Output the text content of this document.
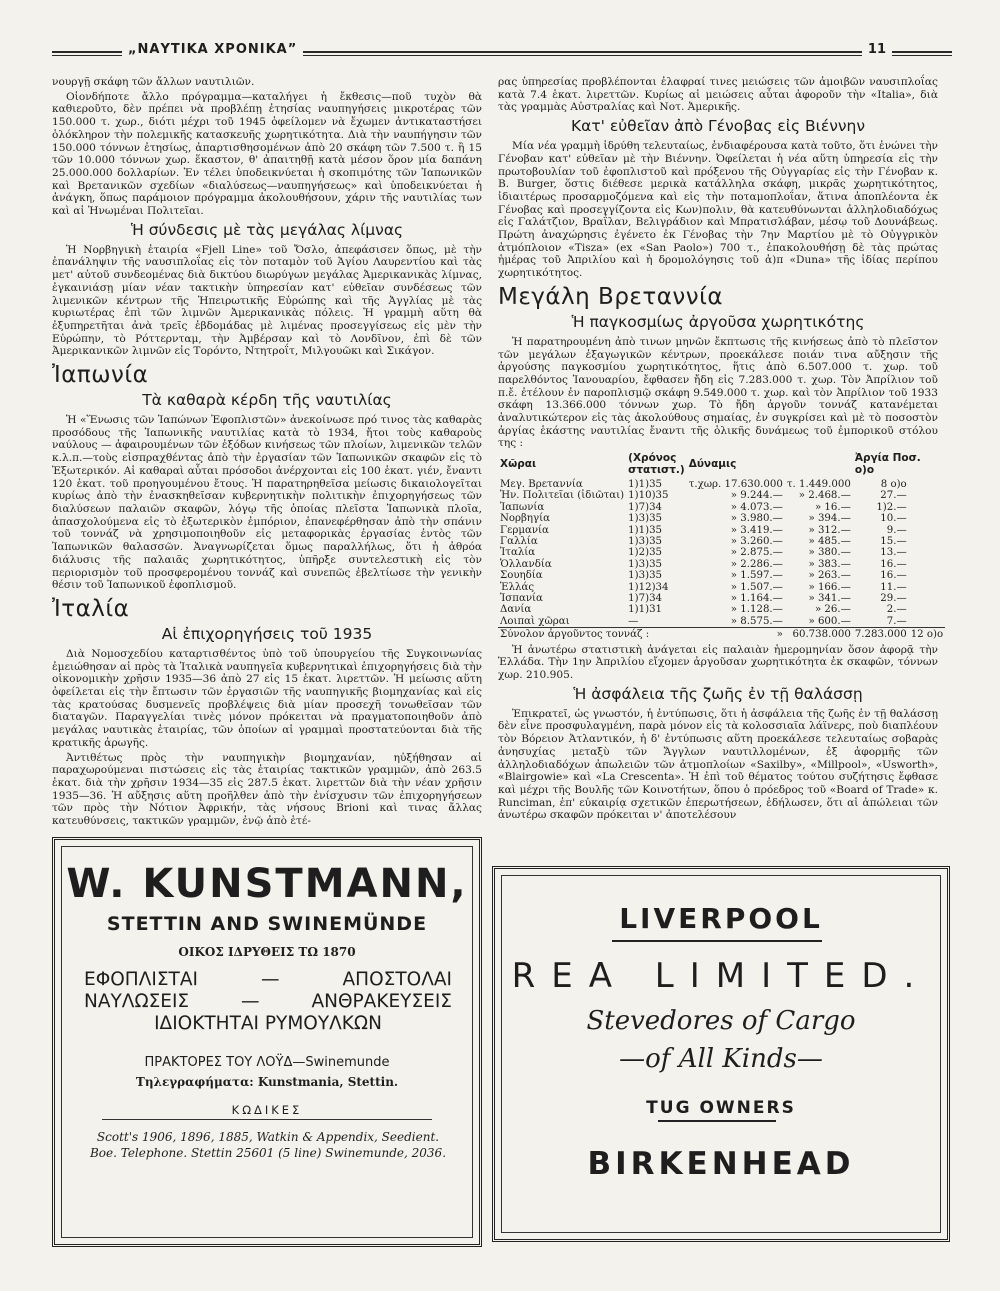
„ΝΑΥΤΙΚΑ ΧΡΟΝΙΚΑ”	11

νουργῇ σκάφη τῶν ἄλλων ναυτιλιῶν.

Οἱονδήποτε ἄλλο πρόγραμμα—καταλήγει ἡ ἔκθεσις—ποῦ τυχὸν θὰ καθιεροῦτο, δὲν πρέπει νὰ προβλέπῃ ἐτησίας ναυπηγήσεις μικροτέρας τῶν 150.000 τ. χωρ., διότι μέχρι τοῦ 1945 ὀφείλομεν νὰ ἔχωμεν ἀντικαταστήσει ὁλόκληρον τὴν πολεμικῆς κατασκευῆς χωρητικότητα. Διὰ τὴν ναυπήγησιν τῶν 150.000 τόννων ἐτησίως, ἀπαρτισθησομένων ἀπὸ 20 σκάφη τῶν 7.500 τ. ἢ 15 τῶν 10.000 τόννων χωρ. ἕκαστον, θ' ἀπαιτηθῇ κατὰ μέσον ὅρον μία δαπάνη 25.000.000 δολλαρίων. Ἐν τέλει ὑποδεικνύεται ἡ σκοπιμότης τῶν Ἰαπωνικῶν καὶ Βρετανικῶν σχεδίων «διαλύσεως—ναυπηγήσεως» καὶ ὑποδεικνύεται ἡ ἀνάγκη, ὅπως παράμοιον πρόγραμμα ἀκολουθήσουν, χάριν τῆς ναυτιλίας των καὶ αἱ Ἡνωμέναι Πολιτεῖαι.

Ἡ σύνδεσις μὲ τὰς μεγάλας λίμνας

Ἡ Νορβηγικὴ ἑταιρία «Fjell Line» τοῦ Ὄσλο, ἀπεφάσισεν ὅπως, μὲ τὴν ἐπανάληψιν τῆς ναυσιπλοΐας εἰς τὸν ποταμὸν τοῦ Ἁγίου Λαυρεντίου καὶ τὰς μετ' αὐτοῦ συνδεομένας διὰ δικτύου διωρύγων μεγάλας Ἀμερικανικὰς λίμνας, ἐγκαινιάσῃ μίαν νέαν τακτικὴν ὑπηρεσίαν κατ' εὐθεῖαν συνδέσεως τῶν λιμενικῶν κέντρων τῆς Ἠπειρωτικῆς Εὐρώπης καὶ τῆς Ἀγγλίας μὲ τὰς κυριωτέρας ἐπὶ τῶν λιμνῶν Ἀμερικανικὰς πόλεις. Ἡ γραμμὴ αὕτη θὰ ἐξυπηρετῆται ἀνὰ τρεῖς ἑβδομάδας μὲ λιμένας προσεγγίσεως εἰς μὲν τὴν Εὐρώπην, τὸ Ρόττερνταμ, τὴν Ἀμβέρσαν καὶ τὸ Λονδῖνον, ἐπὶ δὲ τῶν Ἀμερικανικῶν λιμνῶν εἰς Τορόντο, Ντητροΐτ, Μιλγουῶκι καὶ Σικάγον.

Ἰαπωνία
Τὰ καθαρὰ κέρδη τῆς ναυτιλίας

Ἡ «Ἕνωσις τῶν Ἰαπώνων Ἐφοπλιστῶν» ἀνεκοίνωσε πρό τινος τὰς καθαρὰς προσόδους τῆς Ἰαπωνικῆς ναυτιλίας κατὰ τὸ 1934, ἤτοι τοὺς καθαροὺς ναύλους — ἀφαιρουμένων τῶν ἐξόδων κινήσεως τῶν πλοίων, λιμενικῶν τελῶν κ.λ.π.—τοὺς εἰσπραχθέντας ἀπὸ τὴν ἐργασίαν τῶν Ἰαπωνικῶν σκαφῶν εἰς τὸ Ἐξωτερικόν. Αἱ καθαραὶ αὗται πρόσοδοι ἀνέρχονται εἰς 100 ἑκατ. γιέν, ἔναντι 120 ἑκατ. τοῦ προηγουμένου ἔτους. Ἡ παρατηρηθεῖσα μείωσις δικαιολογεῖται κυρίως ἀπὸ τὴν ἐνασκηθεῖσαν κυβερνητικὴν πολιτικὴν ἐπιχορηγήσεως τῶν διαλύσεων παλαιῶν σκαφῶν, λόγῳ τῆς ὁποίας πλεῖστα Ἰαπωνικὰ πλοῖα, ἀπασχολούμενα εἰς τὸ ἐξωτερικὸν ἐμπόριον, ἐπανεφέρθησαν ἀπὸ τὴν σπάνιν τοῦ τοννάζ νὰ χρησιμοποιηθοῦν εἰς μεταφορικὰς ἐργασίας ἐντὸς τῶν Ἰαπωνικῶν θαλασσῶν. Ἀναγνωρίζεται ὅμως παραλλήλως, ὅτι ἡ ἀθρόα διάλυσις τῆς παλαιᾶς χωρητικότητος, ὑπῆρξε συντελεστικὴ εἰς τὸν περιορισμὸν τοῦ προσφερομένου τοννάζ καὶ συνεπῶς ἐβελτίωσε τὴν γενικὴν θέσιν τοῦ Ἰαπωνικοῦ ἐφοπλισμοῦ.

Ἰταλία
Αἱ ἐπιχορηγήσεις τοῦ 1935

Διὰ Νομοσχεδίου καταρτισθέντος ὑπὸ τοῦ ὑπουργείου τῆς Συγκοινωνίας ἐμειώθησαν αἱ πρὸς τὰ Ἰταλικὰ ναυπηγεῖα κυβερνητικαὶ ἐπιχορηγήσεις διὰ τὴν οἰκονομικὴν χρῆσιν 1935—36 ἀπὸ 27 εἰς 15 ἑκατ. λιρεττῶν. Ἡ μείωσις αὕτη ὀφείλεται εἰς τὴν ἔπτωσιν τῶν ἐργασιῶν τῆς ναυπηγικῆς βιομηχανίας καὶ εἰς τὰς κρατούσας δυσμενεῖς προβλέψεις διὰ μίαν προσεχῆ τονωθεῖσαν τῶν διαταγῶν. Παραγγελίαι τινὲς μόνον πρόκειται νὰ πραγματοποιηθοῦν ἀπὸ μεγάλας ναυτικὰς ἑταιρίας, τῶν ὁποίων αἱ γραμμαὶ προστατεύονται διὰ τῆς κρατικῆς ἀρωγῆς.

Ἀντιθέτως πρὸς τὴν ναυπηγικὴν βιομηχανίαν, ηὐξήθησαν αἱ παραχωρούμεναι πιστώσεις εἰς τὰς ἑταιρίας τακτικῶν γραμμῶν, ἀπὸ 263.5 ἑκατ. διὰ τὴν χρῆσιν 1934—35 εἰς 287.5 ἑκατ. λιρεττῶν διὰ τὴν νέαν χρῆσιν 1935—36. Ἡ αὔξησις αὕτη προῆλθεν ἀπὸ τὴν ἐνίσχυσιν τῶν ἐπιχορηγήσεων τῶν πρὸς τὴν Νότιον Ἀφρικήν, τὰς νήσους Brioni καὶ τινας ἄλλας κατευθύνσεις, τακτικῶν γραμμῶν, ἐνῷ ἀπὸ ἑτέ-

ρας ὑπηρεσίας προβλέπονται ἐλαφραί τινες μειώσεις τῶν ἀμοιβῶν ναυσιπλοΐας κατὰ 7.4 ἑκατ. λιρεττῶν. Κυρίως αἱ μειώσεις αὗται ἀφοροῦν τὴν «Italia», διὰ τὰς γραμμὰς Αὐστραλίας καὶ Νοτ. Ἀμερικῆς.

Κατ' εὐθεῖαν ἀπὸ Γένοβας εἰς Βιέννην

Μία νέα γραμμὴ ἱδρύθη τελευταίως, ἐνδιαφέρουσα κατὰ τοῦτο, ὅτι ἑνώνει τὴν Γένοβαν κατ' εὐθεῖαν μὲ τὴν Βιέννην. Ὀφείλεται ἡ νέα αὕτη ὑπηρεσία εἰς τὴν πρωτοβουλίαν τοῦ ἐφοπλιστοῦ καὶ πρόξενου τῆς Οὐγγαρίας εἰς τὴν Γένοβαν κ. B. Burger, ὅστις διέθεσε μερικὰ κατάλληλα σκάφη, μικρᾶς χωρητικότητος, ἰδιαιτέρως προσαρμοζόμενα καὶ εἰς τὴν ποταμοπλοΐαν, ἅτινα ἀποπλέοντα ἐκ Γένοβας καὶ προσεγγίζοντα εἰς Κων)πολιν, θὰ κατευθύνωνται ἀλληλοδιαδόχως εἰς Γαλάτζιον, Βραΐλαν, Βελιγράδιον καὶ Μπρατισλάβαν, μέσῳ τοῦ Δουνάβεως. Πρώτη ἀναχώρησις ἐγένετο ἐκ Γένοβας τὴν 7ην Μαρτίου μὲ τὸ Οὐγγρικὸν ἀτμόπλοιον «Tisza» (ex «San Paolo») 700 τ., ἐπακολουθήσῃ δὲ τὰς πρώτας ἡμέρας τοῦ Ἀπριλίου καὶ ἡ δρομολόγησις τοῦ ἀ)π «Duna» τῆς ἰδίας περίπου χωρητικότητος.

Μεγάλη Βρεταννία
Ἡ παγκοσμίως ἀργοῦσα χωρητικότης

Ἡ παρατηρουμένη ἀπὸ τινων μηνῶν ἔκπτωσις τῆς κινήσεως ἀπὸ τὸ πλεῖστον τῶν μεγάλων ἐξαγωγικῶν κέντρων, προεκάλεσε ποιάν τινα αὔξησιν τῆς ἀργούσης παγκοσμίου χωρητικότητος, ἥτις ἀπὸ 6.507.000 τ. χωρ. τοῦ παρελθόντος Ἰανουαρίου, ἔφθασεν ἤδη εἰς 7.283.000 τ. χωρ. Τὸν Ἀπρίλιον τοῦ π.ἔ. ἐτέλουν ἐν παροπλισμῷ σκάφη 9.549.000 τ. χωρ. καὶ τὸν Ἀπρίλιον τοῦ 1933 σκάφη 13.366.000 τόννων χωρ. Τὸ ἤδη ἀργοῦν τοννάζ κατανέμεται ἀναλυτικώτερον εἰς τὰς ἀκολούθους σημαίας, ἐν συγκρίσει καὶ μὲ τὸ ποσοστὸν ἀργίας ἑκάστης ναυτιλίας ἔναντι τῆς ὁλικῆς δυνάμεως τοῦ ἐμπορικοῦ στόλου της :

Χῶραι	(Χρόνος στατιστ.)	Δύναμις		Ἀργία Ποσ. o)o	
Μεγ. Βρεταννία	1)1)35	τ.χωρ. 17.630.000	τ. 1.449.000	8 o)o	
Ἡν. Πολιτεῖαι (ἰδιῶται)	1)10)35	» 9.244.—	» 2.468.—	27.—	
Ἰαπωνία	1)7)34	» 4.073.—	» 16.—	1)2.—	
Νορβηγία	1)3)35	» 3.980.—	» 394.—	10.—	
Γερμανία	1)1)35	» 3.419.—	» 312.—	9.—	
Γαλλία	1)3)35	» 3.260.—	» 485.—	15.—	
Ἰταλία	1)2)35	» 2.875.—	» 380.—	13.—	
Ὁλλανδία	1)3)35	» 2.286.—	» 383.—	16.—	
Σουηδία	1)3)35	» 1.597.—	» 263.—	16.—	
Ἑλλάς	1)12)34	» 1.507.—	» 166.—	11.—	
Ἰσπανία	1)7)34	» 1.164.—	» 341.—	29.—	
Δανία	1)1)31	» 1.128.—	» 26.—	2.—	
Λοιπαὶ χῶραι	—	» 8.575.—	» 600.—	7.—	
Σύνολον ἀργοῦντος τοννάζ :		»	60.738.000	7.283.000	12 o)o

Ἡ ἀνωτέρω στατιστικὴ ἀνάγεται εἰς παλαιὰν ἡμερομηνίαν ὅσον ἀφορᾷ τὴν Ἑλλάδα. Τὴν 1ην Ἀπριλίου εἴχομεν ἀργοῦσαν χωρητικότητα ἐκ σκαφῶν, τόννων χωρ. 210.905.

Ἡ ἀσφάλεια τῆς ζωῆς ἐν τῇ θαλάσσῃ

Ἐπικρατεῖ, ὡς γνωστόν, ἡ ἐντύπωσις, ὅτι ἡ ἀσφάλεια τῆς ζωῆς ἐν τῇ θαλάσσῃ δὲν εἶνε προσφυλαγμένη, παρὰ μόνον εἰς τὰ κολοσσιαῖα λάϊνερς, ποὺ διαπλέουν τὸν Βόρειον Ἀτλαντικόν, ἡ δ' ἐντύπωσις αὕτη προεκάλεσε τελευταίως σοβαρὰς ἀνησυχίας μεταξὺ τῶν Ἄγγλων ναυτιλλομένων, ἐξ ἀφορμῆς τῶν ἀλληλοδιαδόχων ἀπωλειῶν τῶν ἀτμοπλοίων «Saxilby», «Millpool», «Usworth», «Blairgowie» καὶ «La Crescenta». Ἡ ἐπὶ τοῦ θέματος τούτου συζήτησις ἔφθασε καὶ μέχρι τῆς Βουλῆς τῶν Κοινοτήτων, ὅπου ὁ πρόεδρος τοῦ «Board of Trade» κ. Runciman, ἐπ' εὐκαιρίᾳ σχετικῶν ἐπερωτήσεων, ἐδήλωσεν, ὅτι αἱ ἀπώλειαι τῶν ἀνωτέρω σκαφῶν πρόκειται ν' ἀποτελέσουν

W. KUNSTMANN,
STETTIN AND SWINEMÜNDE
ΟΙΚΟΣ ΙΔΡΥΘΕΙΣ ΤΩ 1870
ΕΦΟΠΛΙΣΤΑΙ	—	ΑΠΟΣΤΟΛΑΙ
ΝΑΥΛΩΣΕΙΣ	—	ΑΝΘΡΑΚΕΥΣΕΙΣ
ΙΔΙΟΚΤΗΤΑΙ ΡΥΜΟΥΛΚΩΝ
ΠΡΑΚΤΟΡΕΣ ΤΟΥ ΛΟΫΔ—Swinemunde
Τηλεγραφήματα: Kunstmania, Stettin.
ΚΩΔΙΚΕΣ
Scott's 1906, 1896, 1885, Watkin & Appendix, Seedient.
Boe. Telephone. Stettin 25601 (5 line) Swinemunde, 2036.
LIVERPOOL
REA LIMITED.
Stevedores of Cargo
—of All Kinds—
TUG OWNERS
BIRKENHEAD
